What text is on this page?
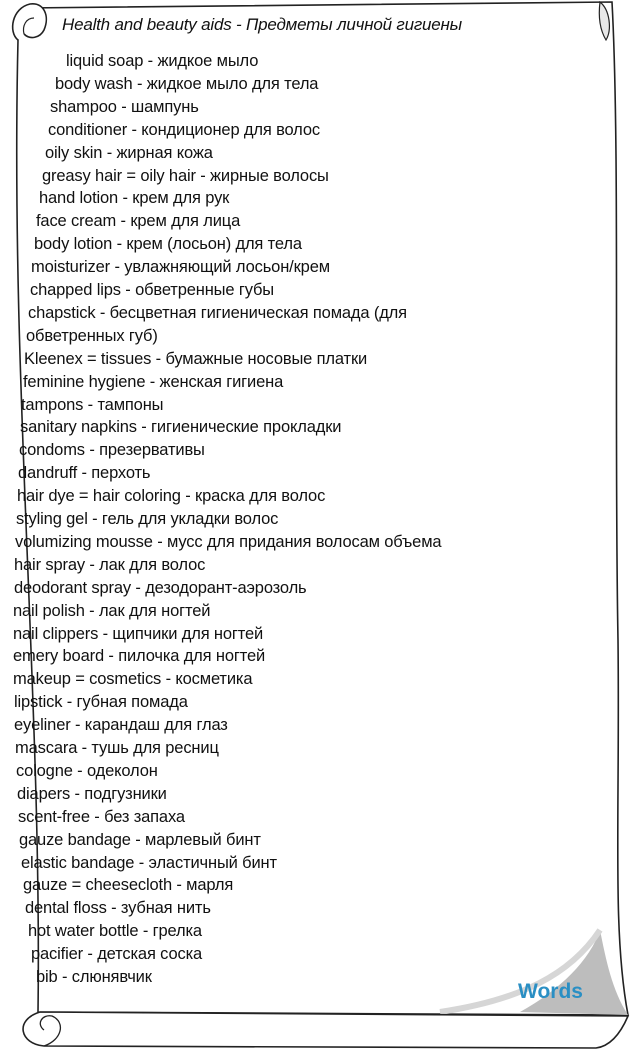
Health and beauty aids - Предметы личной гигиены
liquid soap - жидкое мыло
body wash - жидкое мыло для тела
shampoo - шампунь
conditioner - кондиционер для волос
oily skin - жирная кожа
greasy hair = oily hair - жирные волосы
hand lotion - крем для рук
face cream - крем для лица
body lotion - крем (лосьон) для тела
moisturizer - увлажняющий лосьон/крем
chapped lips - обветренные губы
chapstick - бесцветная гигиеническая помада (для
обветренных губ)
Kleenex = tissues - бумажные носовые платки
feminine hygiene - женская гигиена
tampons - тампоны
sanitary napkins - гигиенические прокладки
condoms - презервативы
dandruff - перхоть
hair dye = hair coloring - краска для волос
styling gel - гель для укладки волос
volumizing mousse - мусс для придания волосам объема
hair spray - лак для волос
deodorant spray - дезодорант-аэрозоль
nail polish - лак для ногтей
nail clippers - щипчики для ногтей
emery board - пилочка для ногтей
makeup = cosmetics - косметика
lipstick - губная помада
eyeliner - карандаш для глаз
mascara - тушь для ресниц
cologne - одеколон
diapers - подгузники
scent-free - без запаха
gauze bandage - марлевый бинт
elastic bandage - эластичный бинт
gauze = cheesecloth - марля
dental floss - зубная нить
hot water bottle - грелка
pacifier - детская соска
bib - слюнявчик
Words
